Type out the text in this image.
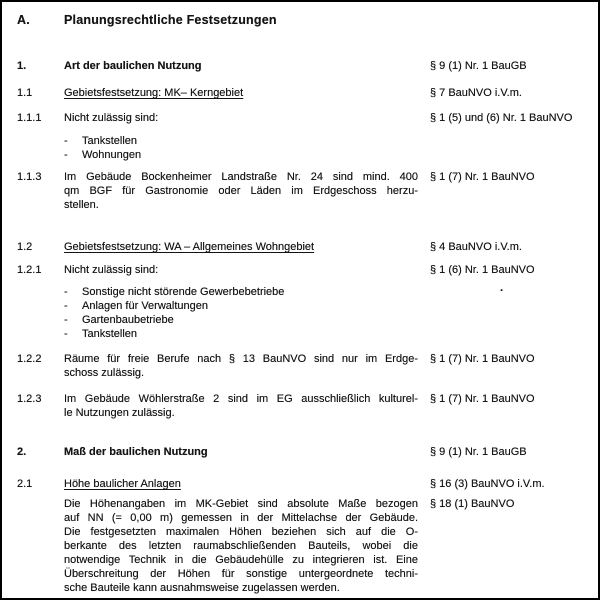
A.	Planungsrechtliche Festsetzungen
1.	Art der baulichen Nutzung	§ 9 (1) Nr. 1 BauGB
1.1	Gebietsfestsetzung: MK– Kerngebiet	§ 7 BauNVO i.V.m.
1.1.1 Nicht zulässig sind:	§ 1 (5) und (6) Nr. 1 BauNVO
- Tankstellen
- Wohnungen
1.1.3 Im Gebäude Bockenheimer Landstraße Nr. 24 sind mind. 400
qm BGF für Gastronomie oder Läden im Erdgeschoss herzu-
stellen.
§ 1 (7) Nr. 1 BauNVO
1.2	Gebietsfestsetzung: WA – Allgemeines Wohngebiet	§ 4 BauNVO i.V.m.
1.2.1 Nicht zulässig sind:	§ 1 (6) Nr. 1 BauNVO
.
- Sonstige nicht störende Gewerbebetriebe
- Anlagen für Verwaltungen
- Gartenbaubetriebe
- Tankstellen
1.2.2 Räume für freie Berufe nach § 13 BauNVO sind nur im Erdge-
schoss zulässig.
§ 1 (7) Nr. 1 BauNVO
1.2.3 Im Gebäude Wöhlerstraße 2 sind im EG ausschließlich kulturel-
le Nutzungen zulässig.
§ 1 (7) Nr. 1 BauNVO
2.	Maß der baulichen Nutzung	§ 9 (1) Nr. 1 BauGB
2.1	Höhe baulicher Anlagen	§ 16 (3) BauNVO i.V.m.
Die Höhenangaben im MK-Gebiet sind absolute Maße bezogen
auf NN (= 0,00 m) gemessen in der Mittelachse der Gebäude.
Die festgesetzten maximalen Höhen beziehen sich auf die O-
berkante des letzten raumabschließenden Bauteils, wobei die
notwendige Technik in die Gebäudehülle zu integrieren ist. Eine
Überschreitung der Höhen für sonstige untergeordnete techni-
sche Bauteile kann ausnahmsweise zugelassen werden.
§ 18 (1) BauNVO
